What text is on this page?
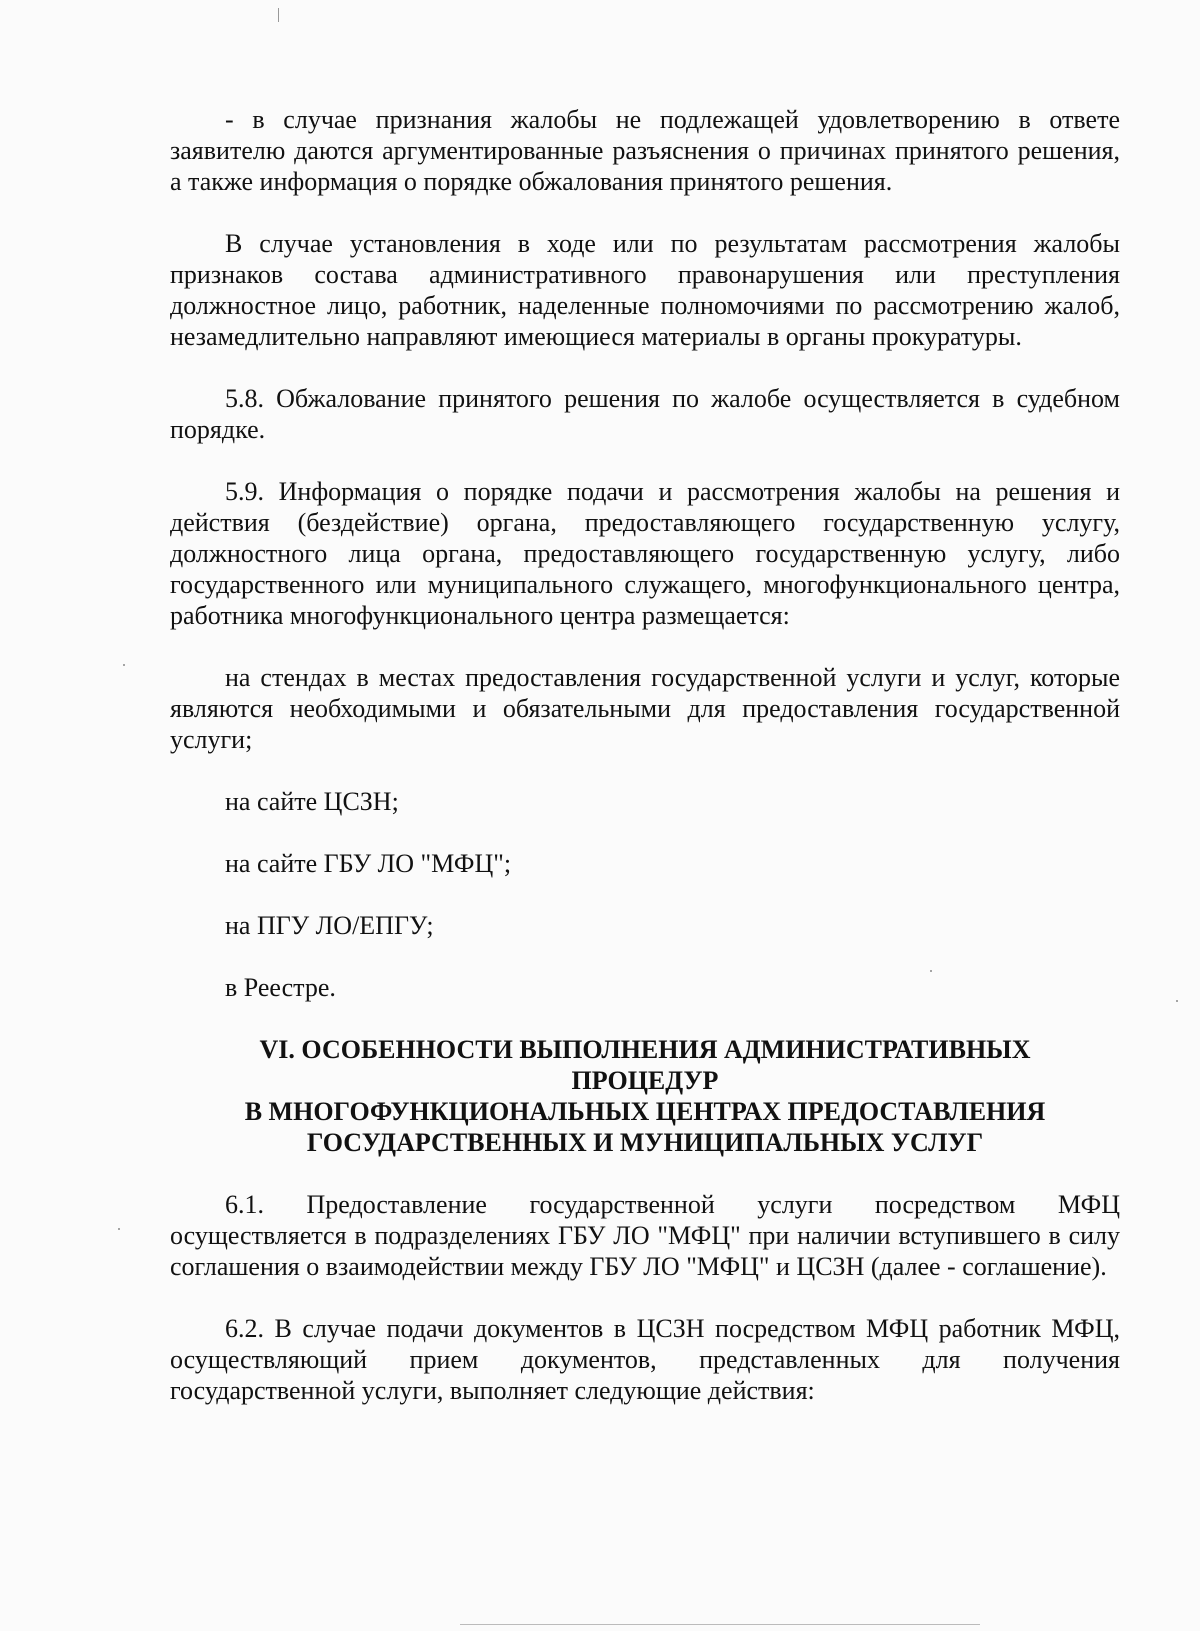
- в случае признания жалобы не подлежащей удовлетворению в ответе заявителю даются аргументированные разъяснения о причинах принятого решения, а также информация о порядке обжалования принятого решения.

В случае установления в ходе или по результатам рассмотрения жалобы признаков состава административного правонарушения или преступления должностное лицо, работник, наделенные полномочиями по рассмотрению жалоб, незамедлительно направляют имеющиеся материалы в органы прокуратуры.

5.8. Обжалование принятого решения по жалобе осуществляется в судебном порядке.

5.9. Информация о порядке подачи и рассмотрения жалобы на решения и действия (бездействие) органа, предоставляющего государственную услугу, должностного лица органа, предоставляющего государственную услугу, либо государственного или муниципального служащего, многофункционального центра, работника многофункционального центра размещается:

на стендах в местах предоставления государственной услуги и услуг, которые являются необходимыми и обязательными для предоставления государственной услуги;

на сайте ЦСЗН;

на сайте ГБУ ЛО "МФЦ";

на ПГУ ЛО/ЕПГУ;

в Реестре.

VI. ОСОБЕННОСТИ ВЫПОЛНЕНИЯ АДМИНИСТРАТИВНЫХ
ПРОЦЕДУР
В МНОГОФУНКЦИОНАЛЬНЫХ ЦЕНТРАХ ПРЕДОСТАВЛЕНИЯ
ГОСУДАРСТВЕННЫХ И МУНИЦИПАЛЬНЫХ УСЛУГ

6.1. Предоставление государственной услуги посредством МФЦ осуществляется в подразделениях ГБУ ЛО "МФЦ" при наличии вступившего в силу соглашения о взаимодействии между ГБУ ЛО "МФЦ" и ЦСЗН (далее - соглашение).

6.2. В случае подачи документов в ЦСЗН посредством МФЦ работник МФЦ, осуществляющий прием документов, представленных для получения государственной услуги, выполняет следующие действия:
